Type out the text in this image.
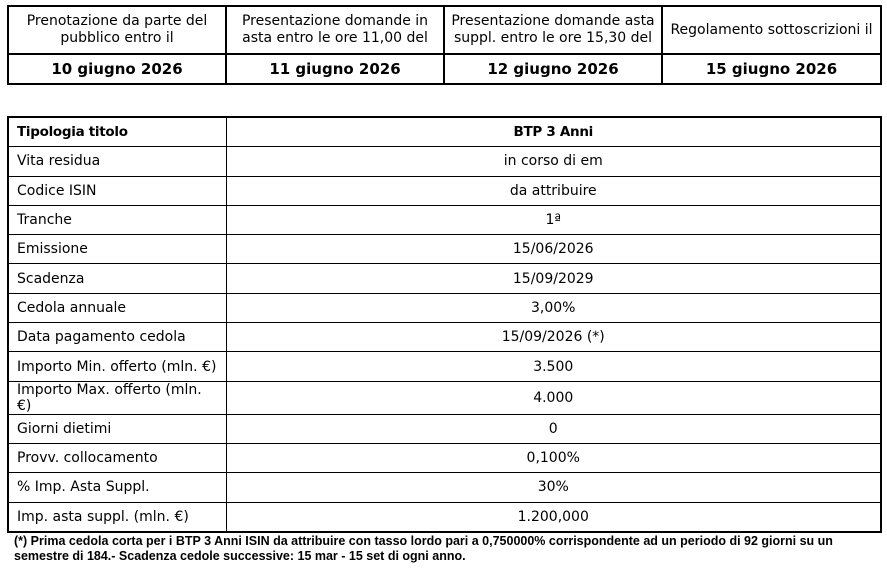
Prenotazione da parte del pubblico entro il	Presentazione domande in asta entro le ore 11,00 del	Presentazione domande asta suppl. entro le ore 15,30 del	Regolamento sottoscrizioni il
10 giugno 2026	11 giugno 2026	12 giugno 2026	15 giugno 2026
Tipologia titolo	BTP 3 Anni
Vita residua	in corso di em
Codice ISIN	da attribuire
Tranche	1ª
Emissione	15/06/2026
Scadenza	15/09/2029
Cedola annuale	3,00%
Data pagamento cedola	15/09/2026 (*)
Importo Min. offerto (mln. €)	3.500
Importo Max. offerto (mln. €)	4.000
Giorni dietimi	0
Provv. collocamento	0,100%
% Imp. Asta Suppl.	30%
Imp. asta suppl. (mln. €)	1.200,000
(*) Prima cedola corta per i BTP 3 Anni ISIN da attribuire con tasso lordo pari a 0,750000% corrispondente ad un periodo di 92 giorni su un semestre di 184.- Scadenza cedole successive: 15 mar - 15 set di ogni anno.
